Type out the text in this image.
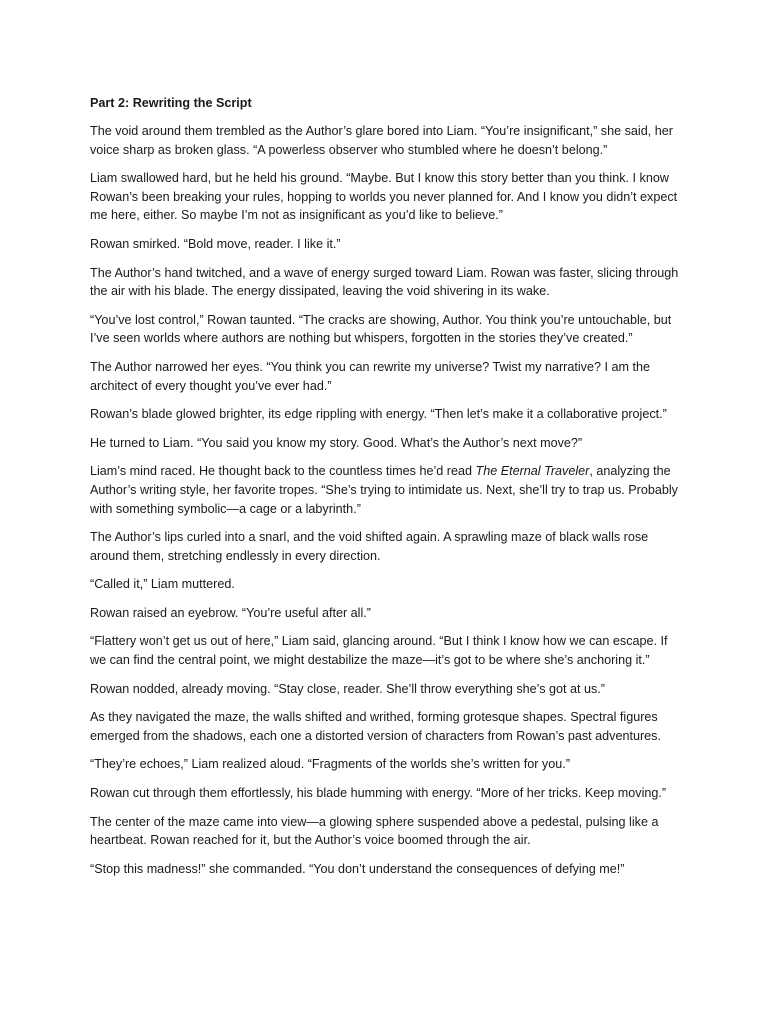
Part 2: Rewriting the Script

The void around them trembled as the Author’s glare bored into Liam. “You’re insignificant,” she said, her voice sharp as broken glass. “A powerless observer who stumbled where he doesn’t belong.”

Liam swallowed hard, but he held his ground. “Maybe. But I know this story better than you think. I know Rowan’s been breaking your rules, hopping to worlds you never planned for. And I know you didn’t expect me here, either. So maybe I’m not as insignificant as you’d like to believe.”

Rowan smirked. “Bold move, reader. I like it.”

The Author’s hand twitched, and a wave of energy surged toward Liam. Rowan was faster, slicing through the air with his blade. The energy dissipated, leaving the void shivering in its wake.

“You’ve lost control,” Rowan taunted. “The cracks are showing, Author. You think you’re untouchable, but I’ve seen worlds where authors are nothing but whispers, forgotten in the stories they’ve created.”

The Author narrowed her eyes. “You think you can rewrite my universe? Twist my narrative? I am the architect of every thought you’ve ever had.”

Rowan’s blade glowed brighter, its edge rippling with energy. “Then let’s make it a collaborative project.”

He turned to Liam. “You said you know my story. Good. What’s the Author’s next move?”

Liam’s mind raced. He thought back to the countless times he’d read The Eternal Traveler, analyzing the Author’s writing style, her favorite tropes. “She’s trying to intimidate us. Next, she’ll try to trap us. Probably with something symbolic—a cage or a labyrinth.”

The Author’s lips curled into a snarl, and the void shifted again. A sprawling maze of black walls rose around them, stretching endlessly in every direction.

“Called it,” Liam muttered.

Rowan raised an eyebrow. “You’re useful after all.”

“Flattery won’t get us out of here,” Liam said, glancing around. “But I think I know how we can escape. If we can find the central point, we might destabilize the maze—it’s got to be where she’s anchoring it.”

Rowan nodded, already moving. “Stay close, reader. She’ll throw everything she’s got at us.”

As they navigated the maze, the walls shifted and writhed, forming grotesque shapes. Spectral figures emerged from the shadows, each one a distorted version of characters from Rowan’s past adventures.

“They’re echoes,” Liam realized aloud. “Fragments of the worlds she’s written for you.”

Rowan cut through them effortlessly, his blade humming with energy. “More of her tricks. Keep moving.”

The center of the maze came into view—a glowing sphere suspended above a pedestal, pulsing like a heartbeat. Rowan reached for it, but the Author’s voice boomed through the air.

“Stop this madness!” she commanded. “You don’t understand the consequences of defying me!”
